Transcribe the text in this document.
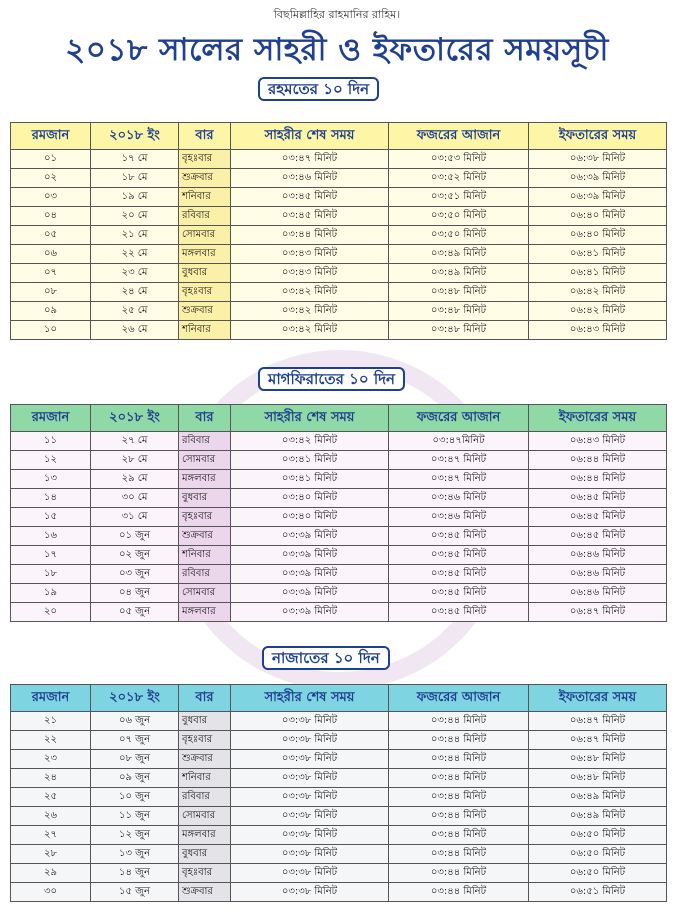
বিছমিল্লাহির রাহমানির রাহিম।
২০১৮ সালের সাহরী ও ইফতারের সময়সূচী
রহমতের ১০ দিন
রমজান	২০১৮ ইং	বার	সাহরীর শেষ সময়	ফজরের আজান	ইফতারের সময়
০১	১৭ মে	বৃহঃবার	০৩:৪৭ মিনিট	০৩:৫৩ মিনিট	০৬:৩৮ মিনিট
০২	১৮ মে	শুক্রবার	০৩:৪৬ মিনিট	০৩:৫২ মিনিট	০৬:৩৯ মিনিট
০৩	১৯ মে	শনিবার	০৩:৪৫ মিনিট	০৩:৫১ মিনিট	০৬:৩৯ মিনিট
০৪	২০ মে	রবিবার	০৩:৪৫ মিনিট	০৩:৫০ মিনিট	০৬:৪০ মিনিট
০৫	২১ মে	সোমবার	০৩:৪৪ মিনিট	০৩:৫০ মিনিট	০৬:৪০ মিনিট
০৬	২২ মে	মঙ্গলবার	০৩:৪৩ মিনিট	০৩:৪৯ মিনিট	০৬:৪১ মিনিট
০৭	২৩ মে	বুধবার	০৩:৪৩ মিনিট	০৩:৪৯ মিনিট	০৬:৪১ মিনিট
০৮	২৪ মে	বৃহঃবার	০৩:৪২ মিনিট	০৩:৪৮ মিনিট	০৬:৪২ মিনিট
০৯	২৫ মে	শুক্রবার	০৩:৪২ মিনিট	০৩:৪৮ মিনিট	০৬:৪২ মিনিট
১০	২৬ মে	শনিবার	০৩:৪২ মিনিট	০৩:৪৮ মিনিট	০৬:৪৩ মিনিট
মাগফিরাতের ১০ দিন
রমজান	২০১৮ ইং	বার	সাহরীর শেষ সময়	ফজরের আজান	ইফতারের সময়
১১	২৭ মে	রবিবার	০৩:৪২ মিনিট	০৩:৪৭মিনিট	০৬:৪৩ মিনিট
১২	২৮ মে	সোমবার	০৩:৪১ মিনিট	০৩:৪৭ মিনিট	০৬:৪৪ মিনিট
১৩	২৯ মে	মঙ্গলবার	০৩:৪১ মিনিট	০৩:৪৭ মিনিট	০৬:৪৪ মিনিট
১৪	৩০ মে	বুধবার	০৩:৪০ মিনিট	০৩:৪৬ মিনিট	০৬:৪৫ মিনিট
১৫	৩১ মে	বৃহঃবার	০৩:৪০ মিনিট	০৩:৪৬ মিনিট	০৬:৪৫ মিনিট
১৬	০১ জুন	শুক্রবার	০৩:৩৯ মিনিট	০৩:৪৫ মিনিট	০৬:৪৫ মিনিট
১৭	০২ জুন	শনিবার	০৩:৩৯ মিনিট	০৩:৪৫ মিনিট	০৬:৪৬ মিনিট
১৮	০৩ জুন	রবিবার	০৩:৩৯ মিনিট	০৩:৪৫ মিনিট	০৬:৪৬ মিনিট
১৯	০৪ জুন	সোমবার	০৩:৩৯ মিনিট	০৩:৪৫ মিনিট	০৬:৪৬ মিনিট
২০	০৫ জুন	মঙ্গলবার	০৩:৩৯ মিনিট	০৩:৪৫ মিনিট	০৬:৪৭ মিনিট
নাজাতের ১০ দিন
রমজান	২০১৮ ইং	বার	সাহরীর শেষ সময়	ফজরের আজান	ইফতারের সময়
২১	০৬ জুন	বুধবার	০৩:৩৮ মিনিট	০৩:৪৪ মিনিট	০৬:৪৭ মিনিট
২২	০৭ জুন	বৃহঃবার	০৩:৩৮ মিনিট	০৩:৪৪ মিনিট	০৬:৪৭ মিনিট
২৩	০৮ জুন	শুক্রবার	০৩:৩৮ মিনিট	০৩:৪৪ মিনিট	০৬:৪৮ মিনিট
২৪	০৯ জুন	শনিবার	০৩:৩৮ মিনিট	০৩:৪৪ মিনিট	০৬:৪৮ মিনিট
২৫	১০ জুন	রবিবার	০৩:৩৮ মিনিট	০৩:৪৪ মিনিট	০৬:৪৯ মিনিট
২৬	১১ জুন	সোমবার	০৩:৩৮ মিনিট	০৩:৪৪ মিনিট	০৬:৪৯ মিনিট
২৭	১২ জুন	মঙ্গলবার	০৩:৩৮ মিনিট	০৩:৪৪ মিনিট	০৬:৫০ মিনিট
২৮	১৩ জুন	বুধবার	০৩:৩৮ মিনিট	০৩:৪৪ মিনিট	০৬:৫০ মিনিট
২৯	১৪ জুন	বৃহঃবার	০৩:৩৮ মিনিট	০৩:৪৪ মিনিট	০৬:৫০ মিনিট
৩০	১৫ জুন	শুক্রবার	০৩:৩৮ মিনিট	০৩:৪৪ মিনিট	০৬:৫১ মিনিট
